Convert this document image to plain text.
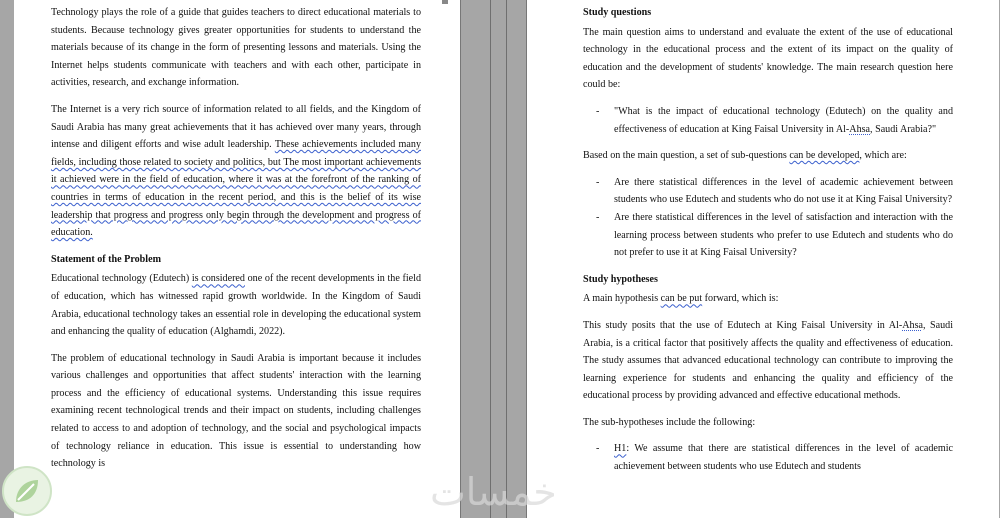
Technology plays the role of a guide that guides teachers to direct educational materials to students. Because technology gives greater opportunities for students to understand the materials because of its change in the form of presenting lessons and materials. Using the Internet helps students communicate with teachers and with each other, participate in activities, research, and exchange information.

The Internet is a very rich source of information related to all fields, and the Kingdom of Saudi Arabia has many great achievements that it has achieved over many years, through intense and diligent efforts and wise adult leadership. These achievements included many fields, including those related to society and politics, but The most important achievements it achieved were in the field of education, where it was at the forefront of the ranking of countries in terms of education in the recent period, and this is the belief of its wise leadership that progress and progress only begin through the development and progress of education.

Statement of the Problem

Educational technology (Edutech) is considered one of the recent developments in the field of education, which has witnessed rapid growth worldwide. In the Kingdom of Saudi Arabia, educational technology takes an essential role in developing the educational system and enhancing the quality of education (Alghamdi, 2022).

The problem of educational technology in Saudi Arabia is important because it includes various challenges and opportunities that affect students' interaction with the learning process and the efficiency of educational systems. Understanding this issue requires examining recent technological trends and their impact on students, including challenges related to access to and adoption of technology, and the social and psychological impacts of technology reliance in education. This issue is essential to understanding how technology is

Study questions

The main question aims to understand and evaluate the extent of the use of educational technology in the educational process and the extent of its impact on the quality of education and the development of students' knowledge. The main research question here could be:

- "What is the impact of educational technology (Edutech) on the quality and effectiveness of education at King Faisal University in Al-Ahsa, Saudi Arabia?"

Based on the main question, a set of sub-questions can be developed, which are:

- Are there statistical differences in the level of academic achievement between students who use Edutech and students who do not use it at King Faisal University?
- Are there statistical differences in the level of satisfaction and interaction with the learning process between students who prefer to use Edutech and students who do not prefer to use it at King Faisal University?

Study hypotheses

A main hypothesis can be put forward, which is:

This study posits that the use of Edutech at King Faisal University in Al-Ahsa, Saudi Arabia, is a critical factor that positively affects the quality and effectiveness of education. The study assumes that advanced educational technology can contribute to improving the learning experience for students and enhancing the quality and efficiency of the educational process by providing advanced and effective educational methods.

The sub-hypotheses include the following:

- H1: We assume that there are statistical differences in the level of academic achievement between students who use Edutech and students
خمسات
